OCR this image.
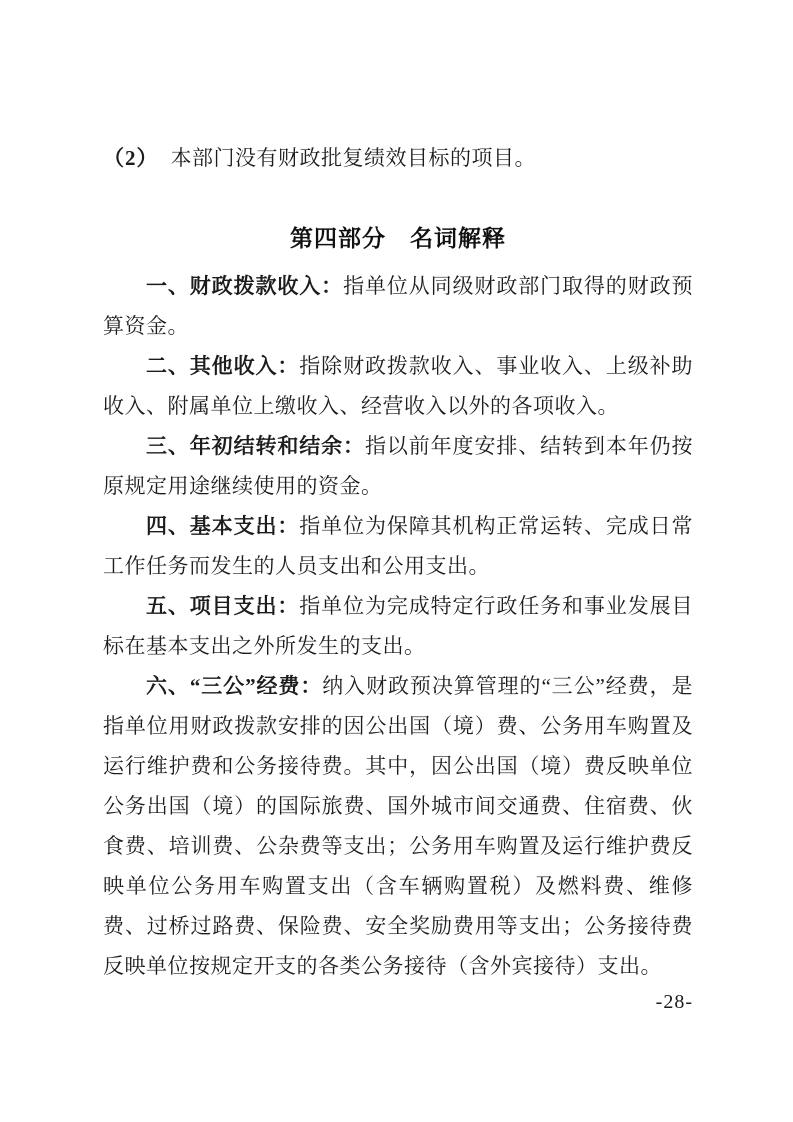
（2） 本部门没有财政批复绩效目标的项目。

第四部分　名词解释

一、财政拨款收入：指单位从同级财政部门取得的财政预算资金。

二、其他收入：指除财政拨款收入、事业收入、上级补助收入、附属单位上缴收入、经营收入以外的各项收入。

三、年初结转和结余：指以前年度安排、结转到本年仍按原规定用途继续使用的资金。

四、基本支出：指单位为保障其机构正常运转、完成日常工作任务而发生的人员支出和公用支出。

五、项目支出：指单位为完成特定行政任务和事业发展目标在基本支出之外所发生的支出。

六、“三公”经费：纳入财政预决算管理的“三公”经费，是指单位用财政拨款安排的因公出国（境）费、公务用车购置及运行维护费和公务接待费。其中，因公出国（境）费反映单位公务出国（境）的国际旅费、国外城市间交通费、住宿费、伙食费、培训费、公杂费等支出；公务用车购置及运行维护费反映单位公务用车购置支出（含车辆购置税）及燃料费、维修费、过桥过路费、保险费、安全奖励费用等支出；公务接待费反映单位按规定开支的各类公务接待（含外宾接待）支出。

-28-
